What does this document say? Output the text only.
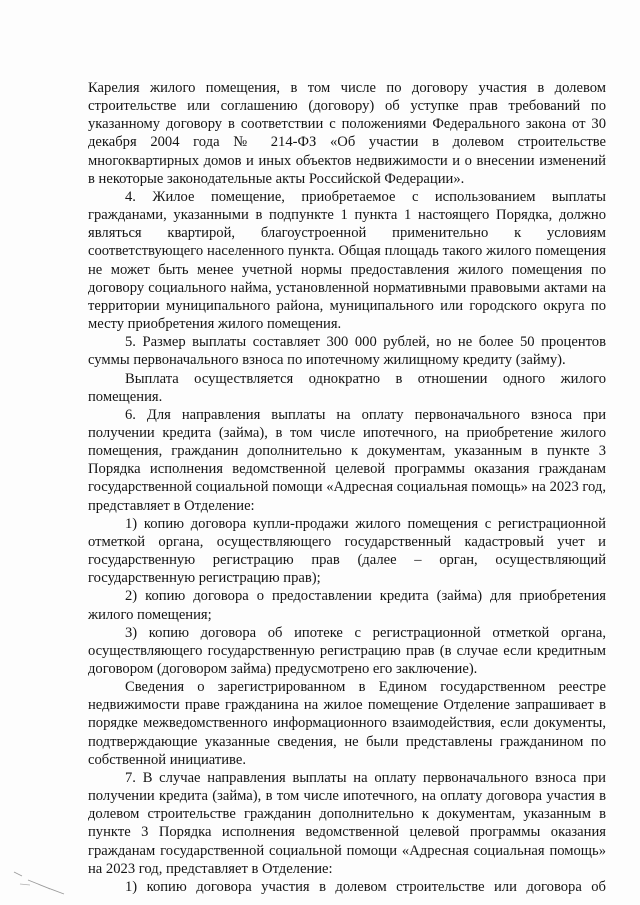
Карелия жилого помещения, в том числе по договору участия в долевом строительстве или соглашению (договору) об уступке прав требований по указанному договору в соответствии с положениями Федерального закона от 30 декабря 2004 года № 214-ФЗ «Об участии в долевом строительстве многоквартирных домов и иных объектов недвижимости и о внесении изменений в некоторые законодательные акты Российской Федерации».

4. Жилое помещение, приобретаемое с использованием выплаты гражданами, указанными в подпункте 1 пункта 1 настоящего Порядка, должно являться квартирой, благоустроенной применительно к условиям соответствующего населенного пункта. Общая площадь такого жилого помещения не может быть менее учетной нормы предоставления жилого помещения по договору социального найма, установленной нормативными правовыми актами на территории муниципального района, муниципального или городского округа по месту приобретения жилого помещения.

5. Размер выплаты составляет 300 000 рублей, но не более 50 процентов суммы первоначального взноса по ипотечному жилищному кредиту (займу).

Выплата осуществляется однократно в отношении одного жилого помещения.

6. Для направления выплаты на оплату первоначального взноса при получении кредита (займа), в том числе ипотечного, на приобретение жилого помещения, гражданин дополнительно к документам, указанным в пункте 3 Порядка исполнения ведомственной целевой программы оказания гражданам государственной социальной помощи «Адресная социальная помощь» на 2023 год, представляет в Отделение:

1) копию договора купли-продажи жилого помещения с регистрационной отметкой органа, осуществляющего государственный кадастровый учет и государственную регистрацию прав (далее – орган, осуществляющий государственную регистрацию прав);

2) копию договора о предоставлении кредита (займа) для приобретения жилого помещения;

3) копию договора об ипотеке с регистрационной отметкой органа, осуществляющего государственную регистрацию прав (в случае если кредитным договором (договором займа) предусмотрено его заключение).

Сведения о зарегистрированном в Едином государственном реестре недвижимости праве гражданина на жилое помещение Отделение запрашивает в порядке межведомственного информационного взаимодействия, если документы, подтверждающие указанные сведения, не были представлены гражданином по собственной инициативе.

7. В случае направления выплаты на оплату первоначального взноса при получении кредита (займа), в том числе ипотечного, на оплату договора участия в долевом строительстве гражданин дополнительно к документам, указанным в пункте 3 Порядка исполнения ведомственной целевой программы оказания гражданам государственной социальной помощи «Адресная социальная помощь» на 2023 год, представляет в Отделение:

1) копию договора участия в долевом строительстве или договора об
